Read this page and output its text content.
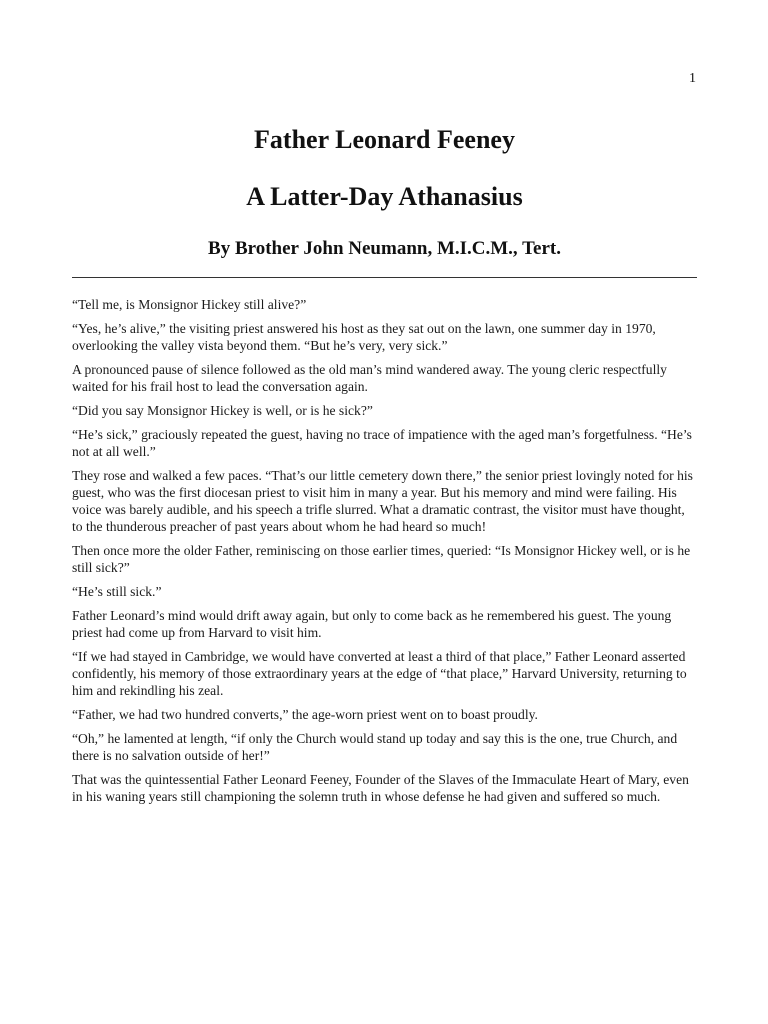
1
Father Leonard Feeney
A Latter-Day Athanasius
By Brother John Neumann, M.I.C.M., Tert.

“Tell me, is Monsignor Hickey still alive?”

“Yes, he’s alive,” the visiting priest answered his host as they sat out on the lawn, one summer day in 1970, overlooking the valley vista beyond them. “But he’s very, very sick.”

A pronounced pause of silence followed as the old man’s mind wandered away. The young cleric respectfully waited for his frail host to lead the conversation again.

“Did you say Monsignor Hickey is well, or is he sick?”

“He’s sick,” graciously repeated the guest, having no trace of impatience with the aged man’s forgetfulness. “He’s not at all well.”

They rose and walked a few paces. “That’s our little cemetery down there,” the senior priest lovingly noted for his guest, who was the first diocesan priest to visit him in many a year. But his memory and mind were failing. His voice was barely audible, and his speech a trifle slurred. What a dramatic contrast, the visitor must have thought, to the thunderous preacher of past years about whom he had heard so much!

Then once more the older Father, reminiscing on those earlier times, queried: “Is Monsignor Hickey well, or is he still sick?”

“He’s still sick.”

Father Leonard’s mind would drift away again, but only to come back as he remembered his guest. The young priest had come up from Harvard to visit him.

“If we had stayed in Cambridge, we would have converted at least a third of that place,” Father Leonard asserted confidently, his memory of those extraordinary years at the edge of “that place,” Harvard University, returning to him and rekindling his zeal.

“Father, we had two hundred converts,” the age-worn priest went on to boast proudly.

“Oh,” he lamented at length, “if only the Church would stand up today and say this is the one, true Church, and there is no salvation outside of her!”

That was the quintessential Father Leonard Feeney, Founder of the Slaves of the Immaculate Heart of Mary, even in his waning years still championing the solemn truth in whose defense he had given and suffered so much.
